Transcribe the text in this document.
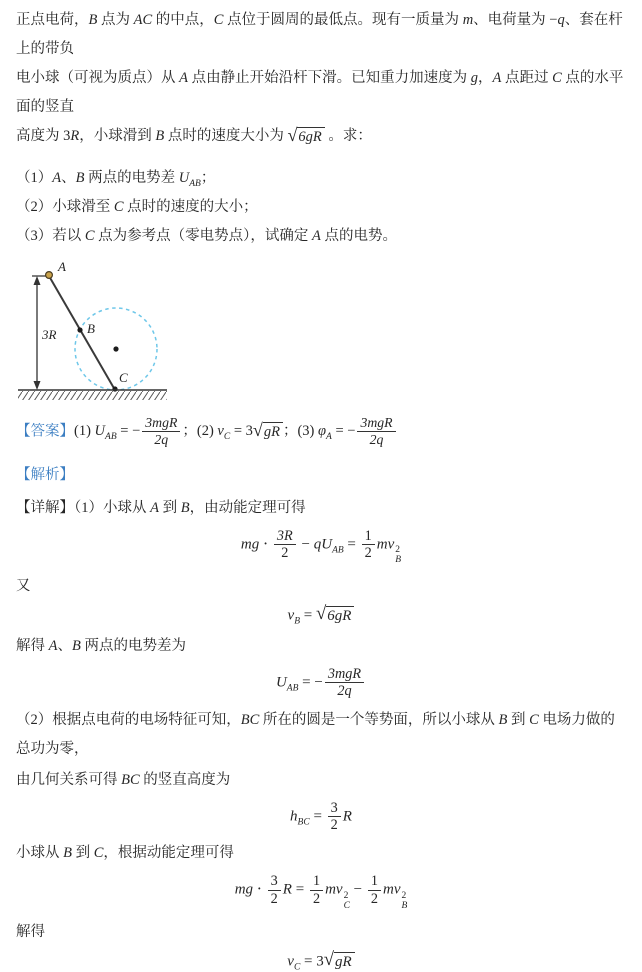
正点电荷，B 点为 AC 的中点，C 点位于圆周的最低点。现有一质量为 m、电荷量为 −q、套在杆上的带负
电小球（可视为质点）从 A 点由静止开始沿杆下滑。已知重力加速度为 g，A 点距过 C 点的水平面的竖直
高度为 3R，小球滑到 B 点时的速度大小为 √ 6gR 。求：
（1）A、B 两点的电势差 $U_{AB}$；
（2）小球滑至 C 点时的速度的大小；
（3）若以 C 点为参考点（零电势点），试确定 A 点的电势。
3R
A
B
C
【答案】(1) $U_{AB}$ = − $\frac{\text{3mgR}}{2q}$ ；(2) $v_C = 3$ √ gR ；(3) $\varphi_A$ = − $\frac{\text{3mgR}}{2q}$
【解析】
【详解】（1）小球从 A 到 B，由动能定理可得
mg ⋅ $\frac{3R}{2} - qU_{AB} = \frac{1}{2}$ mv 2
B
又
$v_B$ = √ 6gR
解得 A、B 两点的电势差为
$U_{AB}$ = − $\frac{\text{3mgR}}{2q}$
（2）根据点电荷的电场特征可知，BC 所在的圆是一个等势面，所以小球从 B 到 C 电场力做的总功为零，
由几何关系可得 BC 的竖直高度为
$h_{BC} = \frac{3}{2}$ R
小球从 B 到 C，根据动能定理可得
mg ⋅ $\frac{3}{2}$ $R = \frac{1}{2}$ mv 2
C
− $\frac{1}{2}$ mv 2
B
解得
$v_C = 3$ √ gR
